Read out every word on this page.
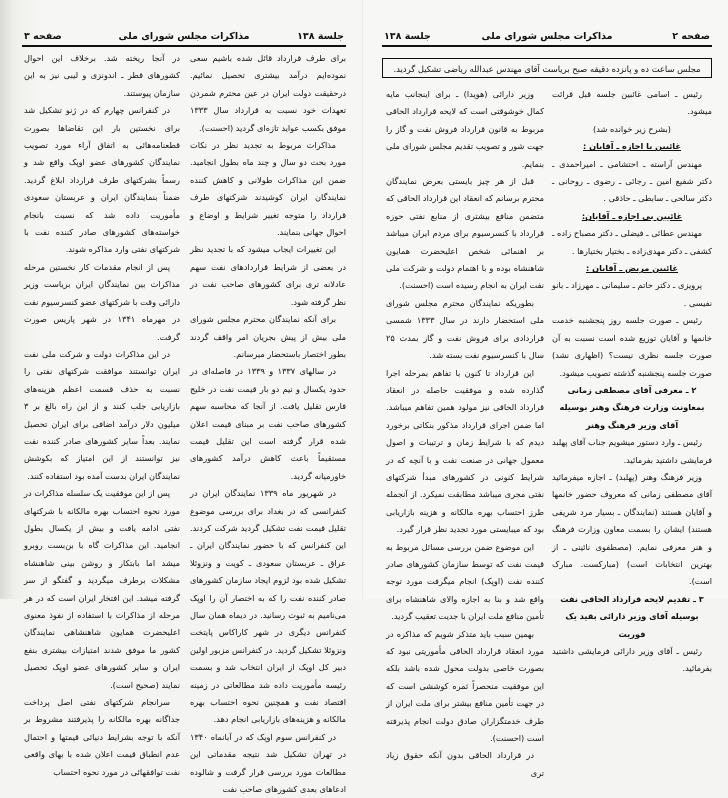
جلسة ۱۳۸
مذاکرات مجلس شورای ملی
صفحه ۳

برای طرف قرارداد قائل شده باشیم سعی نموده‌ایم درآمد بیشتری تحصیل نمائیم. درحقیقت دولت ایران در عین محترم شمردن تعهدات خود نسبت به قرارداد سال ۱۳۳۳ موفق بکسب عواید تازه‌ای گردید (احسنت).

مذاکرات مربوط به تجدید نظر در نکات مورد بحث دو سال و چند ماه بطول انجامید. ضمن این مذاکرات طولانی و کاهش کننده نمایندگان ایران کوشیدند شرکتهای طرف قرارداد را متوجه تغییر شرایط و اوضاع و احوال جهانی بنمایند.

این تغییرات ایجاب میشود که با تجدید نظر در بعضی از شرایط قراردادهای نفت سهم عادلانه تری برای کشورهای صاحب نفت در نظر گرفته شود.

برای آنکه نمایندگان محترم مجلس شورای ملی بیش از پیش بجریان امر واقف گردند بطور اختصار باستحضار میرسانم.

در سالهای ۱۳۳۷ و ۱۳۳۹ در فاصله‌ای در حدود یکسال و نیم دو بار قیمت نفت در خلیج فارس تقلیل یافت. از آنجا که محاسبه سهم کشورهای صاحب نفت بر مبنای قیمت اعلان شده قرار گرفته است این تقلیل قیمت مستقیماً باعث کاهش درآمد کشورهای خاورمیانه گردید.

در شهریور ماه ۱۳۳۹ نمایندگان ایران در کنفرانسی که در بغداد برای بررسی موضوع تقلیل قیمت نفت تشکیل گردید شرکت کردند. این کنفرانس که با حضور نمایندگان ایران ـ عراق ـ عربستان سعودی ـ کویت و ونزوئلا تشکیل شده بود لزوم ایجاد سازمان کشورهای صادر کننده نفت را که به اختصار آن را اوپک می‌نامیم به ثبوت رسانید. در دیماه همان سال کنفرانس دیگری در شهر کاراکاس پایتخت ونزوئلا تشکیل گردید. در کنفرانس مزبور اولین دبیر کل اوپک از ایران انتخاب شد و بسمت رئیسه مأموریت داده شد مطالعاتی در زمینه اقتصاد نفت و همچنین نحوه احتساب بهره مالکانه و هزینه‌های بازاریابی انجام دهد.

در کنفرانس سوم اوپک که در آبانماه ۱۳۴۰ در تهران تشکیل شد نتیجه مقدماتی این مطالعات مورد بررسی قرار گرفت و شالوده ادعاهای بعدی کشورهای صاحب نفت

در آنجا ریخته شد. برخلاف این احوال کشورهای قطر ـ اندونزی و لیبی نیز به این سازمان پیوستند.

در کنفرانس چهارم که در ژنو تشکیل شد برای نخستین بار این تقاضاها بصورت قطعنامه‌هائی به اتفاق آراء مورد تصویب نمایندگان کشورهای عضو اوپک واقع شد و رسماً بشرکتهای طرف قرارداد ابلاغ گردید. ضمناً بنمایندگان ایران و عربستان سعودی مأموریت داده شد که نسبت بانجام خواسته‌های کشورهای صادر کننده نفت با شرکتهای نفتی وارد مذاکره شوند.

پس از انجام مقدمات کار نخستین مرحله مذاکرات بین نمایندگان ایران بریاست وزیر دارائی وقت با شرکتهای عضو کنسرسیوم نفت در مهرماه ۱۳۴۱ در شهر پاریس صورت گرفت.

در این مذاکرات دولت و شرکت ملی نفت ایران توانستند موافقت شرکتهای نفتی را نسبت به حذف قسمت اعظم هزینه‌های بازاریابی جلب کنند و از این راه بالغ بر ۳ میلیون دلار درآمد اضافی برای ایران تحصیل نمایند. بعداً سایر کشورهای صادر کننده نفت نیز توانستند از این امتیاز که بکوشش نمایندگان ایران بدست آمده بود استفاده کنند.

پس از این موفقیت یک سلسله مذاکرات در مورد نحوه احتساب بهره مالکانه با شرکتهای نفتی ادامه یافت و بیش از یکسال بطول انجامید. این مذاکرات گاه با بن‌بست روبرو میشد اما بابتکار و روشن بینی شاهنشاه مشکلات برطرف میگردید و گفتگو از سر گرفته میشد. این افتخار ایران است که در هر مرحله از مذاکرات با استفاده از نفوذ معنوی اعلیحضرت همایون شاهنشاهی نمایندگان کشور ما موفق شدند امتیازات بیشتری بنفع ایران و سایر کشورهای عضو اوپک تحصیل نمایند (صحیح است).

سرانجام شرکتهای نفتی اصل پرداخت جداگانه بهره مالکانه را پذیرفتند مشروط بر آنکه با توجه بشرایط دنیائی قیمتها و احتمال عدم انطباق قیمت اعلان شده با بهای واقعی نفت توافقهائی در مورد نحوه احتساب

جلسة ۱۳۸	مذاکرات مجلس شورای ملی	صفحه ۲
مجلس ساعت ده و پانزده دقیقه صبح بریاست آقای مهندس عبدالله ریاضی تشکیل گردید.

رئیس ـ اسامی غائبین جلسه قبل قرائت میشود.

(بشرح زیر خوانده شد)

غائبین با اجازه ـ آقایان :

مهندس آراسته ـ احتشامی ـ امیراحمدی ـ دکتر شفیع امین ـ رجائی ـ رضوی ـ روحانی ـ دکتر سالحی ـ سابطی ـ حاذقی .

غائبین بی اجازه ـ آقایان:

مهندس عطائی ـ فیضلی ـ دکتر مصباح زاده ـ کشفی ـ دکتر مهدی‌زاده ـ بختیار بختیارها .

غائبین مریض ـ آقایان :

پرویزی ـ دکتر حاتم ـ سلیمانی ـ مهرزاد ـ بانو نفیسی .

رئیس ـ صورت جلسه روز پنجشنبه خدمت خانمها و آقایان توزیع شده است نسبت به آن صورت جلسه نظری نیست؟ (اظهاری نشد) صورت جلسه پنجشنبه گذشته تصویب میشود.

۲ ـ معرفی آقای مصطفی زمانی بمعاونت وزارت فرهنگ وهنر بوسیله آقای وزیر فرهنگ وهنر

رئیس ـ وارد دستور میشویم جناب آقای پهلبد فرمایشی داشتید بفرمائید.

وزیر فرهنگ وهنر (پهلبد) ـ اجازه میفرمائید آقای مصطفی زمانی که معروف حضور خانمها و آقایان هستند (نمایندگان ـ بسیار مرد شریفی هستند) ایشان را بسمت معاون وزارت فرهنگ و هنر معرفی نمایم. (مصطفوی نائینی ـ از بهترین انتخابات است) (مبارکست. مبارک است).

۳ ـ تقدیم لایحه قرارداد الحاقی نفت بوسیله آقای وزیر دارائی بقید یک فوریت

رئیس ـ آقای وزیر دارائی فرمایشی داشتید بفرمائید.

وزیر دارائی (هویدا) ـ برای اینجانب مایه کمال خوشوقتی است که لایحه قرارداد الحاقی مربوط به قانون قرارداد فروش نفت و گاز را جهت شور و تصویب تقدیم مجلس شورای ملی بنمایم.

قبل از هر چیز بایستی بعرض نمایندگان محترم برسانم که انعقاد این قرارداد الحاقی که متضمن منافع بیشتری از منابع نفتی حوزه قرارداد با کنسرسیوم برای مردم ایران میباشد بر اهنمائی شخص اعلیحضرت همایون شاهنشاه بوده و با اهتمام دولت و شرکت ملی نفت ایران به انجام رسیده است (احسنت).

بطوریکه نمایندگان محترم مجلس شورای ملی استحضار دارند در سال ۱۳۳۳ شمسی قراردادی برای فروش نفت و گاز بمدت ۲۵ سال با کنسرسیوم نفت بسته شد.

این قرارداد تا کنون با تفاهم بمرحله اجرا گذارده شده و موفقیت حاصله در انعقاد قرارداد الحاقی نیز مولود همین تفاهم میباشد. اما ضمن اجرای قرارداد مذکور بنکاتی برخورد دیدم که با شرایط زمان و ترتیبات و اصول معمول جهانی در صنعت نفت و با آنچه که در شرایط کنونی در کشورهای مبدأ شرکتهای نفتی مجری میباشد مطابقت نمیکرد. از آنجمله طرز احتساب بهره مالکانه و هزینه بازاریابی بود که میبایستی مورد تجدید نظر قرار گیرد.

این موضوع ضمن بررسی مسائل مربوط به قیمت نفت که توسط سازمان کشورهای صادر کننده نفت (اوپک) انجام میگرفت مورد توجه واقع شد و بنا به اجازه والای شاهنشاه برای تأمین منافع ملت ایران با جدیت تعقیب گردید.

بهمین سبب باید متذکر شویم که مذاکره در مورد انعقاد قرارداد الحاقی مأموریتی نبود که بصورت خاصی بدولت محول شده باشد بلکه این موفقیت منحصراً ثمره کوششی است که در جهت تأمین منافع بیشتر برای ملت ایران از طرف خدمتگزاران صادق دولت انجام پذیرفته است (احسنت).

در قرارداد الحاقی بدون آنکه حقوق زیاد تری
